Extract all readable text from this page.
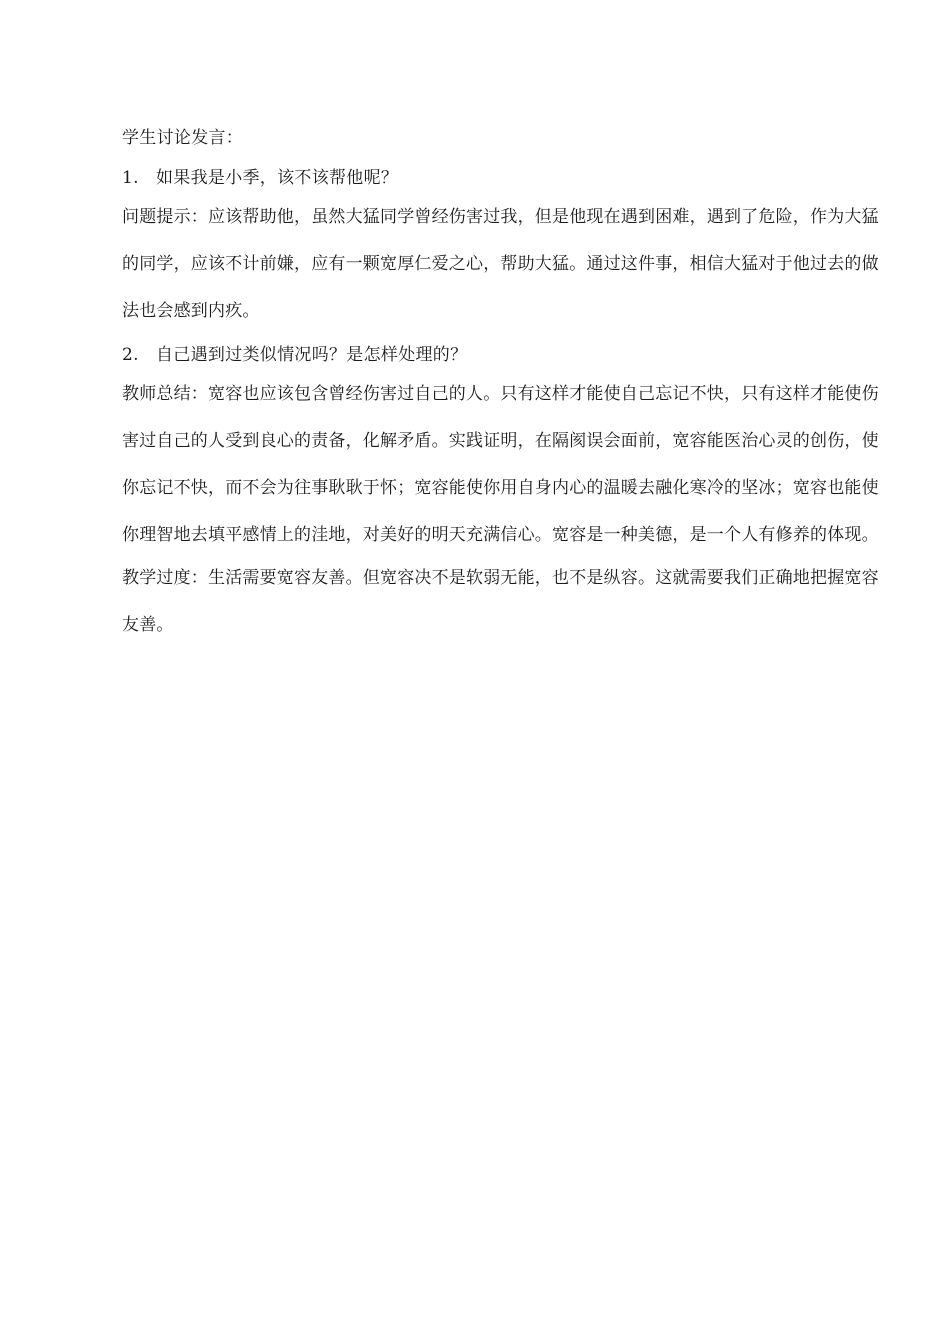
学生讨论发言：
1. 如果我是小季，该不该帮他呢？
问题提示：应该帮助他，虽然大猛同学曾经伤害过我，但是他现在遇到困难，遇到了危险，作为大猛的同学，应该不计前嫌，应有一颗宽厚仁爱之心，帮助大猛。通过这件事，相信大猛对于他过去的做法也会感到内疚。
2. 自己遇到过类似情况吗？是怎样处理的？
教师总结：宽容也应该包含曾经伤害过自己的人。只有这样才能使自己忘记不快，只有这样才能使伤害过自己的人受到良心的责备，化解矛盾。实践证明，在隔阂误会面前，宽容能医治心灵的创伤，使你忘记不快，而不会为往事耿耿于怀；宽容能使你用自身内心的温暖去融化寒冷的坚冰；宽容也能使你理智地去填平感情上的洼地，对美好的明天充满信心。宽容是一种美德，是一个人有修养的体现。
教学过度：生活需要宽容友善。但宽容决不是软弱无能，也不是纵容。这就需要我们正确地把握宽容友善。
